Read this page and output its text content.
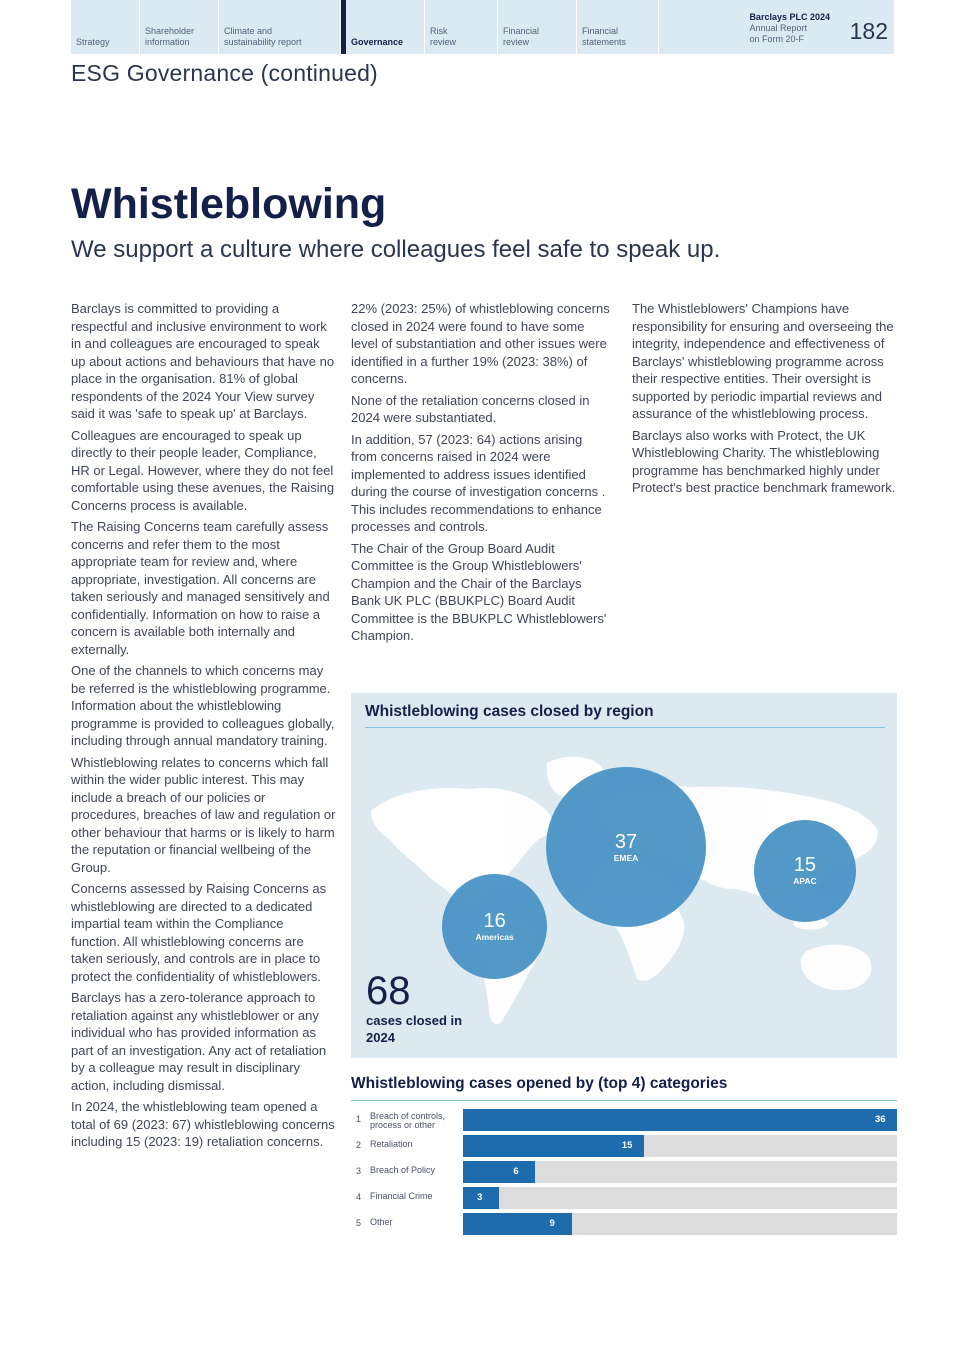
Strategy
Shareholder information
Climate and sustainability report	Governance
Risk review
Financial review
Financial statements
Barclays PLC 2024
Annual Report
on Form 20-F	182
ESG Governance (continued)
Whistleblowing
We support a culture where colleagues feel safe to speak up.

Barclays is committed to providing a respectful and inclusive environment to work in and colleagues are encouraged to speak up about actions and behaviours that have no place in the organisation. 81% of global respondents of the 2024 Your View survey said it was 'safe to speak up' at Barclays.

Colleagues are encouraged to speak up directly to their people leader, Compliance, HR or Legal. However, where they do not feel comfortable using these avenues, the Raising Concerns process is available.

The Raising Concerns team carefully assess concerns and refer them to the most appropriate team for review and, where appropriate, investigation. All concerns are taken seriously and managed sensitively and confidentially. Information on how to raise a concern is available both internally and externally.

One of the channels to which concerns may be referred is the whistleblowing programme. Information about the whistleblowing programme is provided to colleagues globally, including through annual mandatory training.

Whistleblowing relates to concerns which fall within the wider public interest. This may include a breach of our policies or procedures, breaches of law and regulation or other behaviour that harms or is likely to harm the reputation or financial wellbeing of the Group.

Concerns assessed by Raising Concerns as whistleblowing are directed to a dedicated impartial team within the Compliance function. All whistleblowing concerns are taken seriously, and controls are in place to protect the confidentiality of whistleblowers.

Barclays has a zero-tolerance approach to retaliation against any whistleblower or any individual who has provided information as part of an investigation. Any act of retaliation by a colleague may result in disciplinary action, including dismissal.

In 2024, the whistleblowing team opened a total of 69 (2023: 67) whistleblowing concerns including 15 (2023: 19) retaliation concerns.

22% (2023: 25%) of whistleblowing concerns closed in 2024 were found to have some level of substantiation and other issues were identified in a further 19% (2023: 38%) of concerns.

None of the retaliation concerns closed in 2024 were substantiated.

In addition, 57 (2023: 64) actions arising from concerns raised in 2024 were implemented to address issues identified during the course of investigation concerns . This includes recommendations to enhance processes and controls.

The Chair of the Group Board Audit Committee is the Group Whistleblowers' Champion and the Chair of the Barclays Bank UK PLC (BBUKPLC) Board Audit Committee is the BBUKPLC Whistleblowers' Champion.

The Whistleblowers' Champions have responsibility for ensuring and overseeing the integrity, independence and effectiveness of Barclays' whistleblowing programme across their respective entities. Their oversight is supported by periodic impartial reviews and assurance of the whistleblowing process.

Barclays also works with Protect, the UK Whistleblowing Charity. The whistleblowing programme has benchmarked highly under Protect's best practice benchmark framework.

Whistleblowing cases closed by region
16
Americas
37
EMEA	15
APAC
68
cases closed in 2024
Whistleblowing cases opened by (top 4) categories
1 Breach of controls, process or other	36
2 Retaliation	15
3 Breach of Policy	6
4 Financial Crime	3
5 Other	9
